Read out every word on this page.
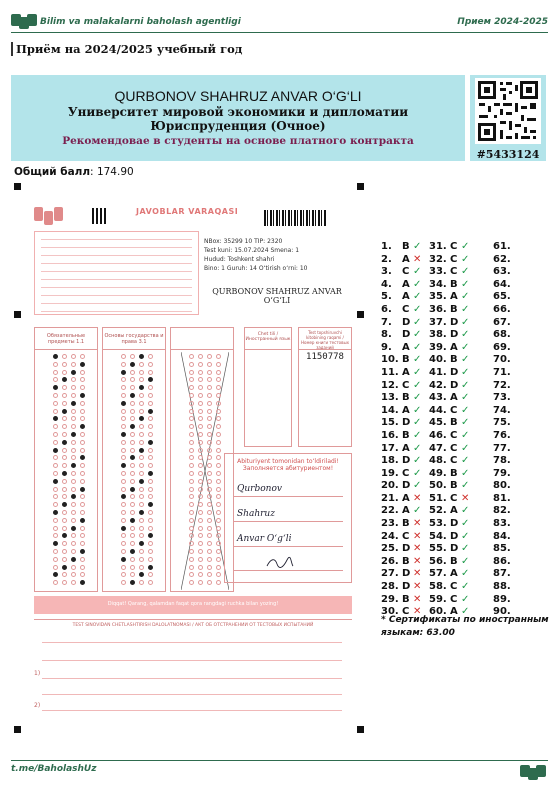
Bilim va malakalarni baholash agentligi	Прием 2024-2025
Приём на 2024/2025 учебный год
QURBONOV SHAHRUZ ANVAR O‘G‘LI
Университет мировой экономики и дипломатии
Юриспруденция (Очное)
Рекомендовае в студенты на основе платного контракта
#5433124
Общий балл: 174.90
JAVOBLAR VARAQASI
NBox: 35299 10 TIP: 2320
Test kuni: 15.07.2024 Smena: 1
Hudud: Toshkent shahri
Bino: 1 Guruh: 14 O‘tirish o‘rni: 10
QURBONOV SHAHRUZ ANVAR O‘G‘LI
Обязательные предметы 1.1
Основы государства и права 3.1
Chet tili / Иностранный язык
Test topshiruvchi kitobining raqami / Номер книги тестовых заданий
1150778
Abituriyent tomonidan to‘ldiriladi!
Заполняется абитуриентом!
Qurbonov
Shahruz
Anvar O‘g‘li
Diqqat! Qarang, qalamdan faqat qora rangdagi ruchka bilan yozing!

TEST SINOVIDAN CHETLASHTIRISH DALOLATNOMASI / АКТ ОБ ОТСТРАНЕНИИ ОТ ТЕСТОВЫХ ИСПЫТАНИЙ

1)
2)
1. B ✓
2. A ✕
3. C ✓
4. A ✓
5. A ✓
6. C ✓
7. D ✓
8. D ✓
9. A ✓
10. B ✓
11. A ✓
12. C ✓
13. B ✓
14. A ✓
15. D ✓
16. B ✓
17. A ✓
18. D ✓
19. C ✓
20. D ✓
21. A ✕
22. A ✓
23. B ✕
24. C ✕
25. D ✕
26. B ✕
27. D ✕
28. D ✕
29. B ✕
30. C ✕
31. C ✓
32. C ✓
33. C ✓
34. B ✓
35. A ✓
36. B ✓
37. D ✓
38. D ✓
39. A ✓
40. B ✓
41. D ✓
42. D ✓
43. A ✓
44. C ✓
45. B ✓
46. C ✓
47. C ✓
48. C ✓
49. B ✓
50. B ✓
51. C ✕
52. A ✓
53. D ✓
54. D ✓
55. D ✓
56. B ✓
57. A ✓
58. C ✓
59. C ✓
60. A ✓
61.
62.
63.
64.
65.
66.
67.
68.
69.
70.
71.
72.
73.
74.
75.
76.
77.
78.
79.
80.
81.
82.
83.
84.
85.
86.
87.
88.
89.
90.
* Сертификаты по иностранным языкам: 63.00
t.me/BaholashUz
